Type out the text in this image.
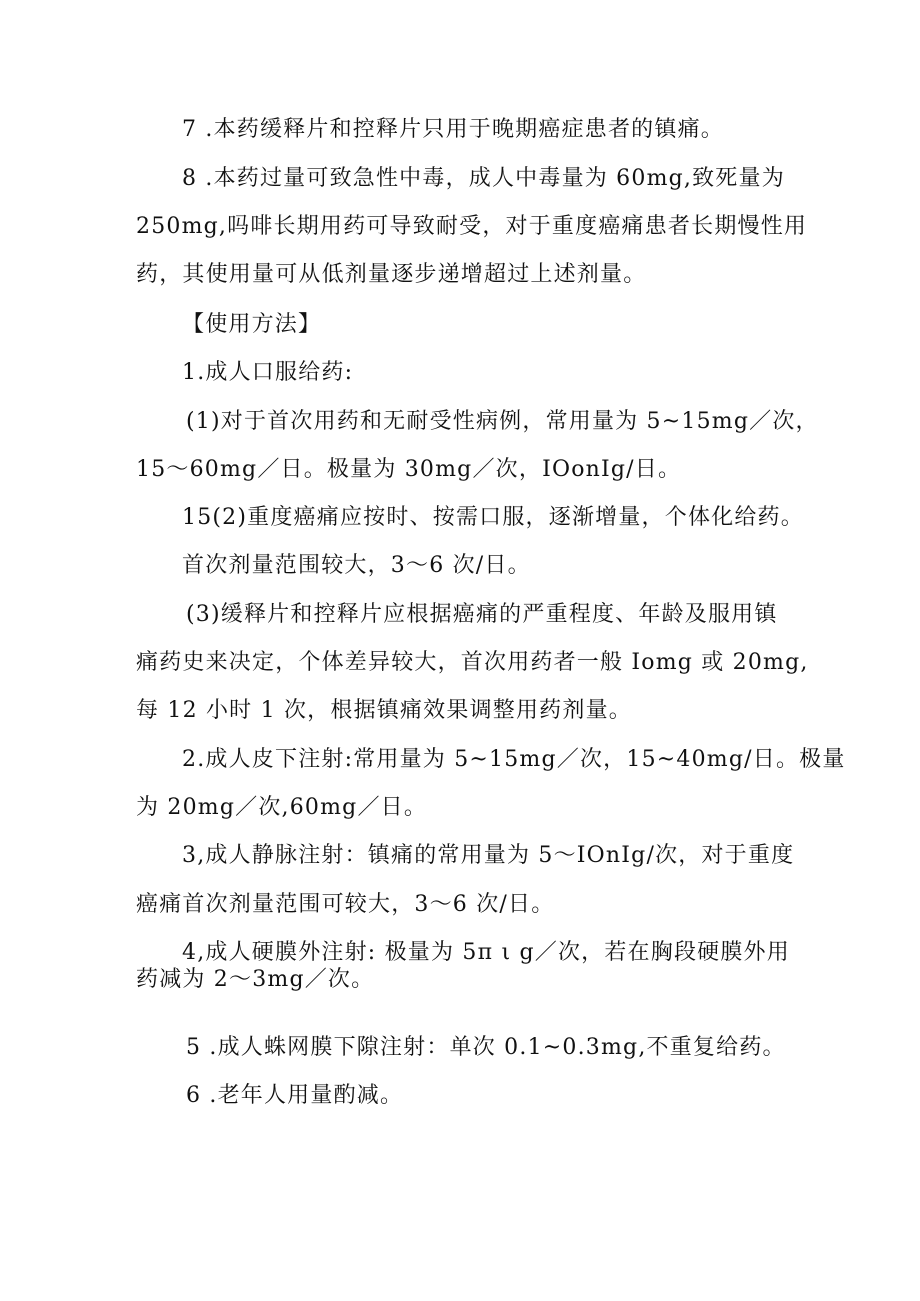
7 .本药缓释片和控释片只用于晚期癌症患者的镇痛。
8 .本药过量可致急性中毒，成人中毒量为 60mg,致死量为
250mg,吗啡长期用药可导致耐受，对于重度癌痛患者长期慢性用
药，其使用量可从低剂量逐步递增超过上述剂量。
【使用方法】
1.成人口服给药:
(1)对于首次用药和无耐受性病例，常用量为 5~15mg／次，
15～60mg／日。极量为 30mg／次，IOonIg/日。
15(2)重度癌痛应按时、按需口服，逐渐增量，个体化给药。
首次剂量范围较大，3～6 次/日。
(3)缓释片和控释片应根据癌痛的严重程度、年龄及服用镇
痛药史来决定，个体差异较大，首次用药者一般 Iomg 或 20mg,
每 12 小时 1 次，根据镇痛效果调整用药剂量。
2.成人皮下注射:常用量为 5~15mg／次，15~40mg/日。极量
为 20mg／次,60mg／日。
3,成人静脉注射：镇痛的常用量为 5～IOnIg/次，对于重度
癌痛首次剂量范围可较大，3～6 次/日。
4,成人硬膜外注射: 极量为 5π ι g／次，若在胸段硬膜外用
药减为 2～3mg／次。
5 .成人蛛网膜下隙注射：单次 0.1~0.3mg,不重复给药。
6 .老年人用量酌减。
